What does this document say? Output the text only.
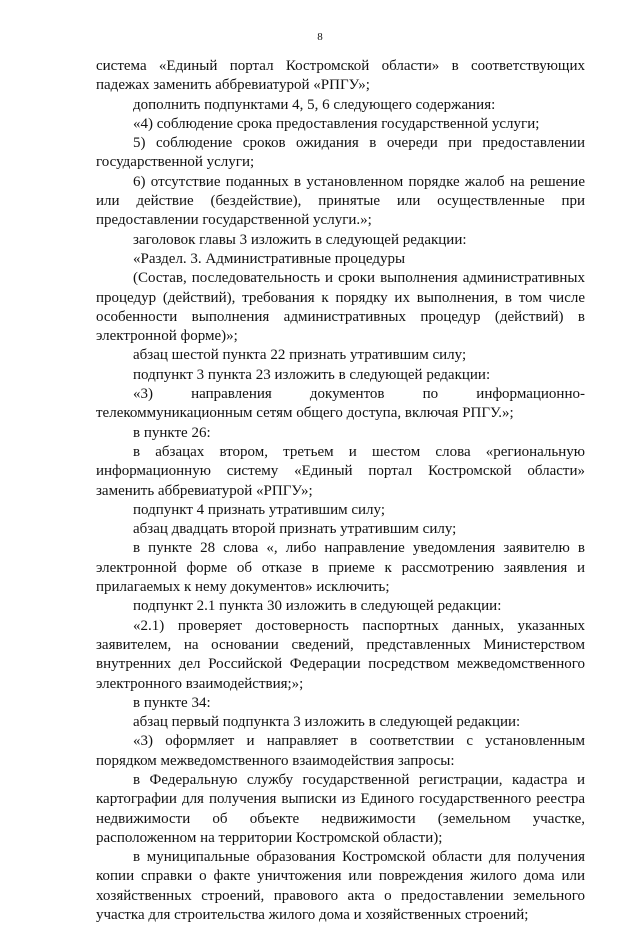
8

система «Единый портал Костромской области» в соответствующих падежах заменить аббревиатурой «РПГУ»;

дополнить подпунктами 4, 5, 6 следующего содержания:

«4) соблюдение срока предоставления государственной услуги;

5) соблюдение сроков ожидания в очереди при предоставлении государственной услуги;

6) отсутствие поданных в установленном порядке жалоб на решение или действие (бездействие), принятые или осуществленные при предоставлении государственной услуги.»;

заголовок главы 3 изложить в следующей редакции:

«Раздел. 3. Административные процедуры

(Состав, последовательность и сроки выполнения административных процедур (действий), требования к порядку их выполнения, в том числе особенности выполнения административных процедур (действий) в электронной форме)»;

абзац шестой пункта 22 признать утратившим силу;

подпункт 3 пункта 23 изложить в следующей редакции:

«3) направления документов по информационно-телекоммуникационным сетям общего доступа, включая РПГУ.»;

в пункте 26:

в абзацах втором, третьем и шестом слова «региональную информационную систему «Единый портал Костромской области» заменить аббревиатурой «РПГУ»;

подпункт 4 признать утратившим силу;

абзац двадцать второй признать утратившим силу;

в пункте 28 слова «, либо направление уведомления заявителю в электронной форме об отказе в приеме к рассмотрению заявления и прилагаемых к нему документов» исключить;

подпункт 2.1 пункта 30 изложить в следующей редакции:

«2.1) проверяет достоверность паспортных данных, указанных заявителем, на основании сведений, представленных Министерством внутренних дел Российской Федерации посредством межведомственного электронного взаимодействия;»;

в пункте 34:

абзац первый подпункта 3 изложить в следующей редакции:

«3) оформляет и направляет в соответствии с установленным порядком межведомственного взаимодействия запросы:

в Федеральную службу государственной регистрации, кадастра и картографии для получения выписки из Единого государственного реестра недвижимости об объекте недвижимости (земельном участке, расположенном на территории Костромской области);

в муниципальные образования Костромской области для получения копии справки о факте уничтожения или повреждения жилого дома или хозяйственных строений, правового акта о предоставлении земельного участка для строительства жилого дома и хозяйственных строений;
